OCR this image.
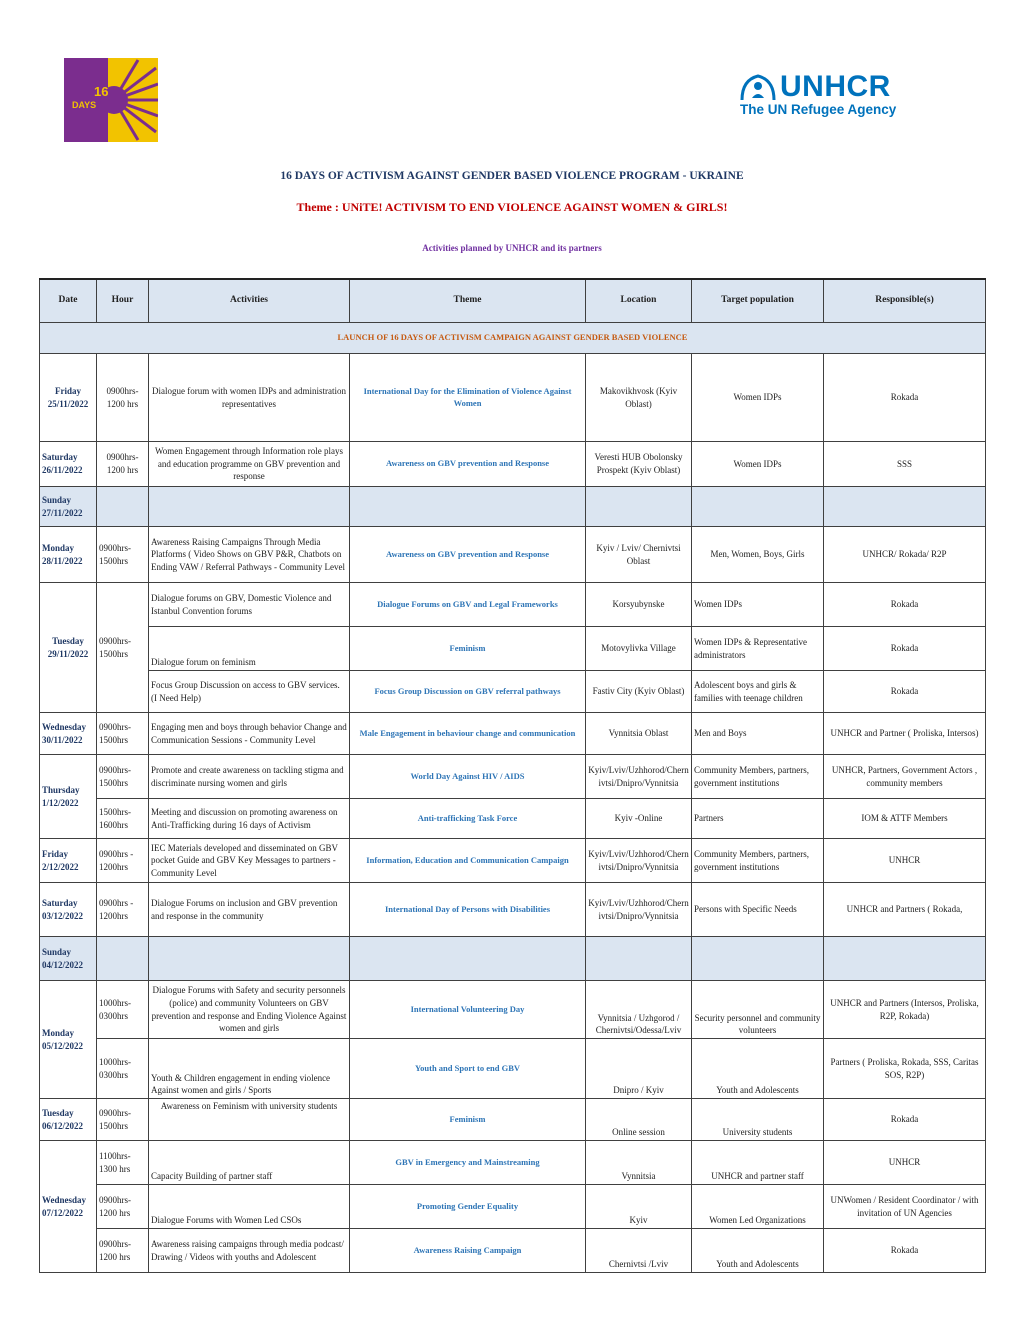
16
DAYS
UNHCR
The UN Refugee Agency
16 DAYS OF ACTIVISM AGAINST GENDER BASED VIOLENCE PROGRAM - UKRAINE
Theme : UNiTE! ACTIVISM TO END VIOLENCE AGAINST WOMEN & GIRLS!
Activities planned by UNHCR and its partners
Date	Hour	Activities	Theme	Location	Target population	Responsible(s)
LAUNCH OF 16 DAYS OF ACTIVISM CAMPAIGN AGAINST GENDER BASED VIOLENCE						
Friday 25/11/2022	0900hrs-1200 hrs	Dialogue forum with women IDPs and administration representatives	International Day for the Elimination of Violence Against Women	Makovikhvosk (Kyiv Oblast)	Women IDPs	Rokada
Saturday 26/11/2022	0900hrs-1200 hrs	Women Engagement through Information role plays and education programme on GBV prevention and response	Awareness on GBV prevention and Response	Veresti HUB Obolonsky Prospekt (Kyiv Oblast)	Women IDPs	SSS
Sunday 27/11/2022						
Monday 28/11/2022	0900hrs-1500hrs	Awareness Raising Campaigns Through Media Platforms ( Video Shows on GBV P&R, Chatbots on Ending VAW / Referral Pathways - Community Level	Awareness on GBV prevention and Response	Kyiv / Lviv/ Chernivtsi Oblast	Men, Women, Boys, Girls	UNHCR/ Rokada/ R2P
Tuesday 29/11/2022	0900hrs-1500hrs	Dialogue forums on GBV, Domestic Violence and Istanbul Convention forums	Dialogue Forums on GBV and Legal Frameworks	Korsyubynske	Women IDPs	Rokada
		Dialogue forum on feminism	Feminism	Motovylivka Village	Women IDPs & Representative administrators	Rokada
		Focus Group Discussion on access to GBV services. (I Need Help)	Focus Group Discussion on GBV referral pathways	Fastiv City (Kyiv Oblast)	Adolescent boys and girls & families with teenage children	Rokada
Wednesday 30/11/2022	0900hrs-1500hrs	Engaging men and boys through behavior Change and Communication Sessions - Community Level	Male Engagement in behaviour change and communication	Vynnitsia Oblast	Men and Boys	UNHCR and Partner ( Proliska, Intersos)
Thursday 1/12/2022	0900hrs-1500hrs	Promote and create awareness on tackling stigma and discriminate nursing women and girls	World Day Against HIV / AIDS	Kyiv/Lviv/Uzhhorod/Chernivtsi/Dnipro/Vynnitsia	Community Members, partners, government institutions	UNHCR, Partners, Government Actors , community members
	1500hrs-1600hrs	Meeting and discussion on promoting awareness on Anti-Trafficking during 16 days of Activism	Anti-trafficking Task Force	Kyiv -Online	Partners	IOM & ATTF Members
Friday 2/12/2022	0900hrs - 1200hrs	IEC Materials developed and disseminated on GBV pocket Guide and GBV Key Messages to partners -Community Level	Information, Education and Communication Campaign	Kyiv/Lviv/Uzhhorod/Chernivtsi/Dnipro/Vynnitsia	Community Members, partners, government institutions	UNHCR
Saturday 03/12/2022	0900hrs - 1200hrs	Dialogue Forums on inclusion and GBV prevention and response in the community	International Day of Persons with Disabilities	Kyiv/Lviv/Uzhhorod/Chernivtsi/Dnipro/Vynnitsia	Persons with Specific Needs	UNHCR and Partners ( Rokada,
Sunday 04/12/2022						
Monday 05/12/2022	1000hrs-0300hrs	Dialogue Forums with Safety and security personnels (police) and community Volunteers on GBV prevention and response and Ending Violence Against women and girls	International Volunteering Day	Vynnitsia / Uzhgorod / Chernivtsi/Odessa/Lviv	Security personnel and community volunteers	UNHCR and Partners (Intersos, Proliska, R2P, Rokada)
	1000hrs-0300hrs	Youth & Children engagement in ending violence Against women and girls / Sports	Youth and Sport to end GBV	Dnipro / Kyiv	Youth and Adolescents	Partners ( Proliska, Rokada, SSS, Caritas SOS, R2P)
Tuesday 06/12/2022	0900hrs-1500hrs	Awareness on Feminism with university students	Feminism	Online session	University students	Rokada
Wednesday 07/12/2022	1100hrs-1300 hrs	Capacity Building of partner staff	GBV in Emergency and Mainstreaming	Vynnitsia	UNHCR and partner staff	UNHCR
	0900hrs-1200 hrs	Dialogue Forums with Women Led CSOs	Promoting Gender Equality	Kyiv	Women Led Organizations	UNWomen / Resident Coordinator / with invitation of UN Agencies
	0900hrs-1200 hrs	Awareness raising campaigns through media podcast/ Drawing / Videos with youths and Adolescent	Awareness Raising Campaign	Chernivtsi /Lviv	Youth and Adolescents	Rokada
